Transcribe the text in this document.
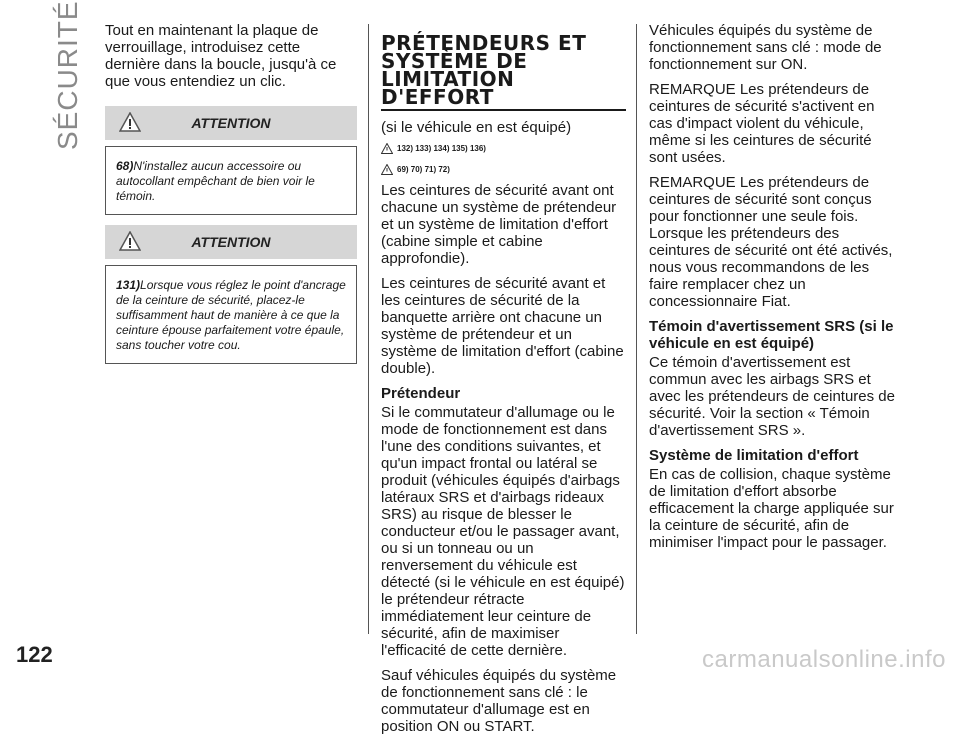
SÉCURITÉ
122	carmanualsonline.info

Tout en maintenant la plaque de verrouillage, introduisez cette dernière dans la boucle, jusqu'à ce que vous entendiez un clic.

ATTENTION
68)N'installez aucun accessoire ou autocollant empêchant de bien voir le témoin.
ATTENTION
131)Lorsque vous réglez le point d'ancrage de la ceinture de sécurité, placez-le suffisamment haut de manière à ce que la ceinture épouse parfaitement votre épaule, sans toucher votre cou.
PRÉTENDEURS ET
SYSTÈME DE
LIMITATION
D'EFFORT

(si le véhicule en est équipé)

132) 133) 134) 135) 136)
69) 70) 71) 72)

Les ceintures de sécurité avant ont chacune un système de prétendeur et un système de limitation d'effort (cabine simple et cabine approfondie).

Les ceintures de sécurité avant et les ceintures de sécurité de la banquette arrière ont chacune un système de prétendeur et un système de limitation d'effort (cabine double).

Prétendeur

Si le commutateur d'allumage ou le mode de fonctionnement est dans l'une des conditions suivantes, et qu'un impact frontal ou latéral se produit (véhicules équipés d'airbags latéraux SRS et d'airbags rideaux SRS) au risque de blesser le conducteur et/ou le passager avant, ou si un tonneau ou un renversement du véhicule est détecté (si le véhicule en est équipé) le prétendeur rétracte immédiatement leur ceinture de sécurité, afin de maximiser l'efficacité de cette dernière.

Sauf véhicules équipés du système de fonctionnement sans clé : le commutateur d'allumage est en position ON ou START.

Véhicules équipés du système de fonctionnement sans clé : mode de fonctionnement sur ON.

REMARQUE Les prétendeurs de ceintures de sécurité s'activent en cas d'impact violent du véhicule, même si les ceintures de sécurité sont usées.

REMARQUE Les prétendeurs de ceintures de sécurité sont conçus pour fonctionner une seule fois. Lorsque les prétendeurs des ceintures de sécurité ont été activés, nous vous recommandons de les faire remplacer chez un concessionnaire Fiat.

Témoin d'avertissement SRS (si le véhicule en est équipé)

Ce témoin d'avertissement est commun avec les airbags SRS et avec les prétendeurs de ceintures de sécurité. Voir la section « Témoin d'avertissement SRS ».

Système de limitation d'effort

En cas de collision, chaque système de limitation d'effort absorbe efficacement la charge appliquée sur la ceinture de sécurité, afin de minimiser l'impact pour le passager.
